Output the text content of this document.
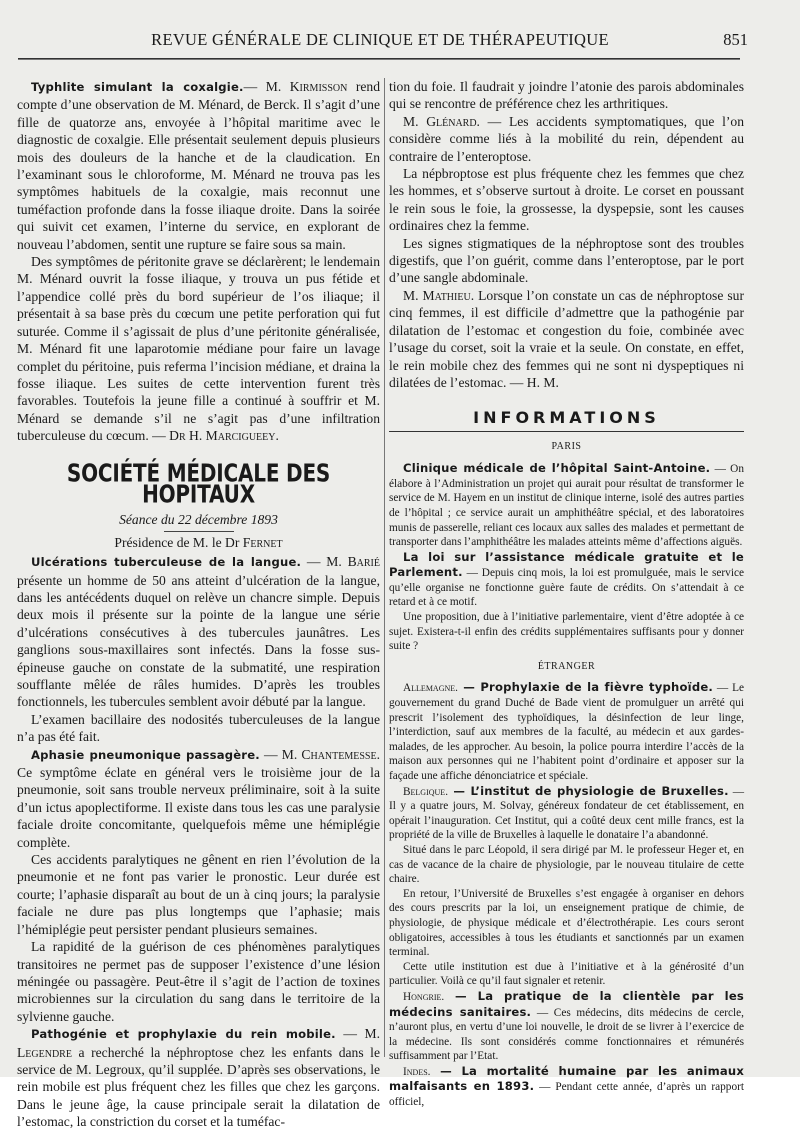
REVUE GÉNÉRALE DE CLINIQUE ET DE THÉRAPEUTIQUE	851

Typhlite simulant la coxalgie.— M. Kirmisson rend compte d’une observation de M. Ménard, de Berck. Il s’agit d’une fille de quatorze ans, envoyée à l’hôpital maritime avec le diagnostic de coxalgie. Elle présentait seulement depuis plusieurs mois des douleurs de la hanche et de la claudication. En l’examinant sous le chloroforme, M. Ménard ne trouva pas les symptômes habituels de la coxalgie, mais reconnut une tuméfaction profonde dans la fosse iliaque droite. Dans la soirée qui suivit cet examen, l’interne du service, en explorant de nouveau l’abdomen, sentit une rupture se faire sous sa main.

Des symptômes de péritonite grave se déclarèrent; le lendemain M. Ménard ouvrit la fosse iliaque, y trouva un pus fétide et l’appendice collé près du bord supérieur de l’os iliaque; il présentait à sa base près du cœcum une petite perforation qui fut suturée. Comme il s’agissait de plus d’une péritonite généralisée, M. Ménard fit une laparotomie médiane pour faire un lavage complet du péritoine, puis referma l’incision médiane, et draina la fosse iliaque. Les suites de cette intervention furent très favorables. Toutefois la jeune fille a continué à souffrir et M. Ménard se demande s’il ne s’agit pas d’une infiltration tuberculeuse du cœcum. — Dr H. Marcigueey.

SOCIÉTÉ MÉDICALE DES HOPITAUX

Séance du 22 décembre 1893

Présidence de M. le Dr Fernet

Ulcérations tuberculeuse de la langue. — M. Barié présente un homme de 50 ans atteint d’ulcération de la langue, dans les antécédents duquel on relève un chancre simple. Depuis deux mois il présente sur la pointe de la langue une série d’ulcérations consécutives à des tubercules jaunâtres. Les ganglions sous-maxillaires sont infectés. Dans la fosse sus-épineuse gauche on constate de la submatité, une respiration soufflante mêlée de râles humides. D’après les troubles fonctionnels, les tubercules semblent avoir débuté par la langue.

L’examen bacillaire des nodosités tuberculeuses de la langue n’a pas été fait.

Aphasie pneumonique passagère. — M. Chantemesse. Ce symptôme éclate en général vers le troisième jour de la pneumonie, soit sans trouble nerveux préliminaire, soit à la suite d’un ictus apoplectiforme. Il existe dans tous les cas une paralysie faciale droite concomitante, quelquefois même une hémiplégie complète.

Ces accidents paralytiques ne gênent en rien l’évolution de la pneumonie et ne font pas varier le pronostic. Leur durée est courte; l’aphasie disparaît au bout de un à cinq jours; la paralysie faciale ne dure pas plus longtemps que l’aphasie; mais l’hémiplégie peut persister pendant plusieurs semaines.

La rapidité de la guérison de ces phénomènes paralytiques transitoires ne permet pas de supposer l’existence d’une lésion méningée ou passagère. Peut-être il s’agit de l’action de toxines microbiennes sur la circulation du sang dans le territoire de la sylvienne gauche.

Pathogénie et prophylaxie du rein mobile. — M. Legendre a recherché la néphroptose chez les enfants dans le service de M. Legroux, qu’il supplée. D’après ses observations, le rein mobile est plus fréquent chez les filles que chez les garçons. Dans le jeune âge, la cause principale serait la dilatation de l’estomac, la constriction du corset et la tuméfac-

tion du foie. Il faudrait y joindre l’atonie des parois abdominales qui se rencontre de préférence chez les arthritiques.

M. Glénard. — Les accidents symptomatiques, que l’on considère comme liés à la mobilité du rein, dépendent au contraire de l’enteroptose.

La népbroptose est plus fréquente chez les femmes que chez les hommes, et s’observe surtout à droite. Le corset en poussant le rein sous le foie, la grossesse, la dyspepsie, sont les causes ordinaires chez la femme.

Les signes stigmatiques de la néphroptose sont des troubles digestifs, que l’on guérit, comme dans l’enteroptose, par le port d’une sangle abdominale.

M. Mathieu. Lorsque l’on constate un cas de néphroptose sur cinq femmes, il est difficile d’admettre que la pathogénie par dilatation de l’estomac et congestion du foie, combinée avec l’usage du corset, soit la vraie et la seule. On constate, en effet, le rein mobile chez des femmes qui ne sont ni dyspeptiques ni dilatées de l’estomac. — H. M.

INFORMATIONS
PARIS

Clinique médicale de l’hôpital Saint-Antoine. — On élabore à l’Administration un projet qui aurait pour résultat de transformer le service de M. Hayem en un institut de clinique interne, isolé des autres parties de l’hôpital ; ce service aurait un amphithéâtre spécial, et des laboratoires munis de passerelle, reliant ces locaux aux salles des malades et permettant de transporter dans l’amphithéâtre les malades atteints même d’affections aiguës.

La loi sur l’assistance médicale gratuite et le Parlement. — Depuis cinq mois, la loi est promulguée, mais le service qu’elle organise ne fonctionne guère faute de crédits. On s’attendait à ce retard et à ce motif.

Une proposition, due à l’initiative parlementaire, vient d’être adoptée à ce sujet. Existera-t-il enfin des crédits supplémentaires suffisants pour y donner suite ?

ÉTRANGER

Allemagne. — Prophylaxie de la fièvre typhoïde. — Le gouvernement du grand Duché de Bade vient de promulguer un arrêté qui prescrit l’isolement des typhoïdiques, la désinfection de leur linge, l’interdiction, sauf aux membres de la faculté, au médecin et aux gardes-malades, de les approcher. Au besoin, la police pourra interdire l’accès de la maison aux personnes qui ne l’habitent point d’ordinaire et apposer sur la façade une affiche dénonciatrice et spéciale.

Belgique. — L’institut de physiologie de Bruxelles. — Il y a quatre jours, M. Solvay, généreux fondateur de cet établissement, en opérait l’inauguration. Cet Institut, qui a coûté deux cent mille francs, est la propriété de la ville de Bruxelles à laquelle le donataire l’a abandonné.

Situé dans le parc Léopold, il sera dirigé par M. le professeur Heger et, en cas de vacance de la chaire de physiologie, par le nouveau titulaire de cette chaire.

En retour, l’Université de Bruxelles s’est engagée à organiser en dehors des cours prescrits par la loi, un enseignement pratique de chimie, de physiologie, de physique médicale et d’électrothérapie. Les cours seront obligatoires, accessibles à tous les étudiants et sanctionnés par un examen terminal.

Cette utile institution est due à l’initiative et à la générosité d’un particulier. Voilà ce qu’il faut signaler et retenir.

Hongrie. — La pratique de la clientèle par les médecins sanitaires. — Ces médecins, dits médecins de cercle, n’auront plus, en vertu d’une loi nouvelle, le droit de se livrer à l’exercice de la médecine. Ils sont considérés comme fonctionnaires et rémunérés suffisamment par l’Etat.

Indes. — La mortalité humaine par les animaux malfaisants en 1893. — Pendant cette année, d’après un rapport officiel,
